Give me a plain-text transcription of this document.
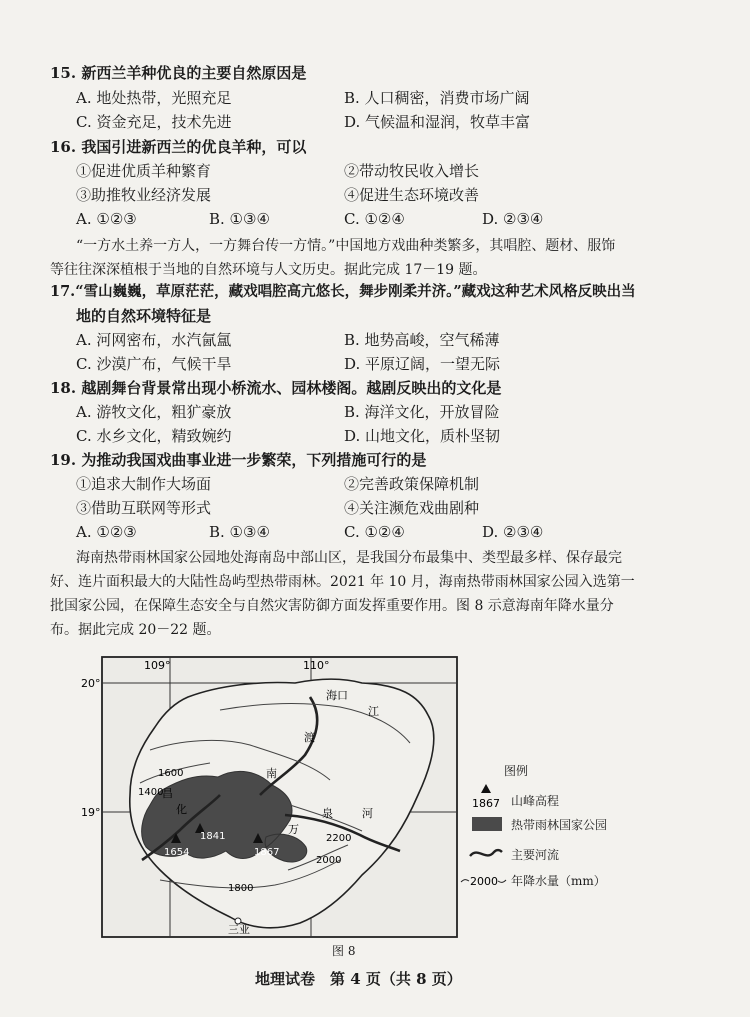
15. 新西兰羊种优良的主要自然原因是
A. 地处热带，光照充足	B. 人口稠密，消费市场广阔
C. 资金充足，技术先进	D. 气候温和湿润，牧草丰富
16. 我国引进新西兰的优良羊种，可以
①促进优质羊种繁育	②带动牧民收入增长
③助推牧业经济发展	④促进生态环境改善
A. ①②③	B. ①③④	C. ①②④	D. ②③④
“一方水土养一方人，一方舞台传一方情。”中国地方戏曲种类繁多，其唱腔、题材、服饰
等往往深深植根于当地的自然环境与人文历史。据此完成 17－19 题。
17.“雪山巍巍，草原茫茫，藏戏唱腔高亢悠长，舞步刚柔并济。”藏戏这种艺术风格反映出当
地的自然环境特征是
A. 河网密布，水汽氤氲	B. 地势高峻，空气稀薄
C. 沙漠广布，气候干旱	D. 平原辽阔，一望无际
18. 越剧舞台背景常出现小桥流水、园林楼阁。越剧反映出的文化是
A. 游牧文化，粗犷豪放	B. 海洋文化，开放冒险
C. 水乡文化，精致婉约	D. 山地文化，质朴坚韧
19. 为推动我国戏曲事业进一步繁荣，下列措施可行的是
①追求大制作大场面	②完善政策保障机制
③借助互联网等形式	④关注濒危戏曲剧种
A. ①②③	B. ①③④	C. ①②④	D. ②③④
海南热带雨林国家公园地处海南岛中部山区，是我国分布最集中、类型最多样、保存最完
好、连片面积最大的大陆性岛屿型热带雨林。2021 年 10 月，海南热带雨林国家公园入选第一
批国家公园，在保障生态安全与自然灾害防御方面发挥重要作用。图 8 示意海南年降水量分
布。据此完成 20－22 题。
109°	110°
20°
19°
海口
三亚
江
渡
南
昌
化
万
泉	河
1400
1600
1800
2000
2200
1654
1841
1867
图例
1867 山峰高程
热带雨林国家公园
主要河流
2000 年降水量（mm）
图 8
地理试卷　第 4 页（共 8 页）
